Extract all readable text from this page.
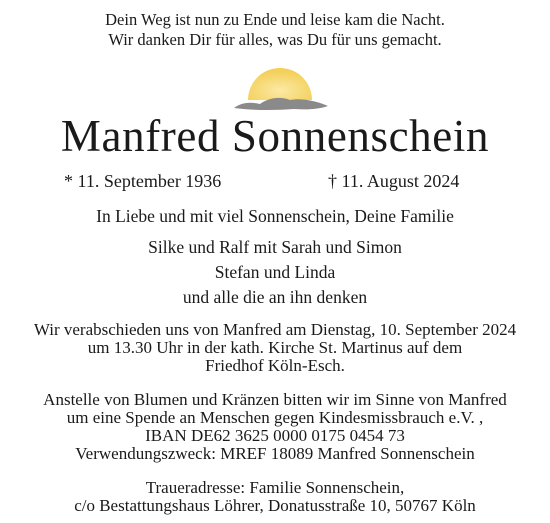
Dein Weg ist nun zu Ende und leise kam die Nacht.
Wir danken Dir für alles, was Du für uns gemacht.
Manfred Sonnenschein
* 11. September 1936	† 11. August 2024
In Liebe und mit viel Sonnenschein, Deine Familie
Silke und Ralf mit Sarah und Simon
Stefan und Linda
und alle die an ihn denken
Wir verabschieden uns von Manfred am Dienstag, 10. September 2024
um 13.30 Uhr in der kath. Kirche St. Martinus auf dem
Friedhof Köln-Esch.
Anstelle von Blumen und Kränzen bitten wir im Sinne von Manfred
um eine Spende an Menschen gegen Kindesmissbrauch e.V. ,
IBAN DE62 3625 0000 0175 0454 73
Verwendungszweck: MREF 18089 Manfred Sonnenschein
Traueradresse: Familie Sonnenschein,
c/o Bestattungshaus Löhrer, Donatusstraße 10, 50767 Köln
